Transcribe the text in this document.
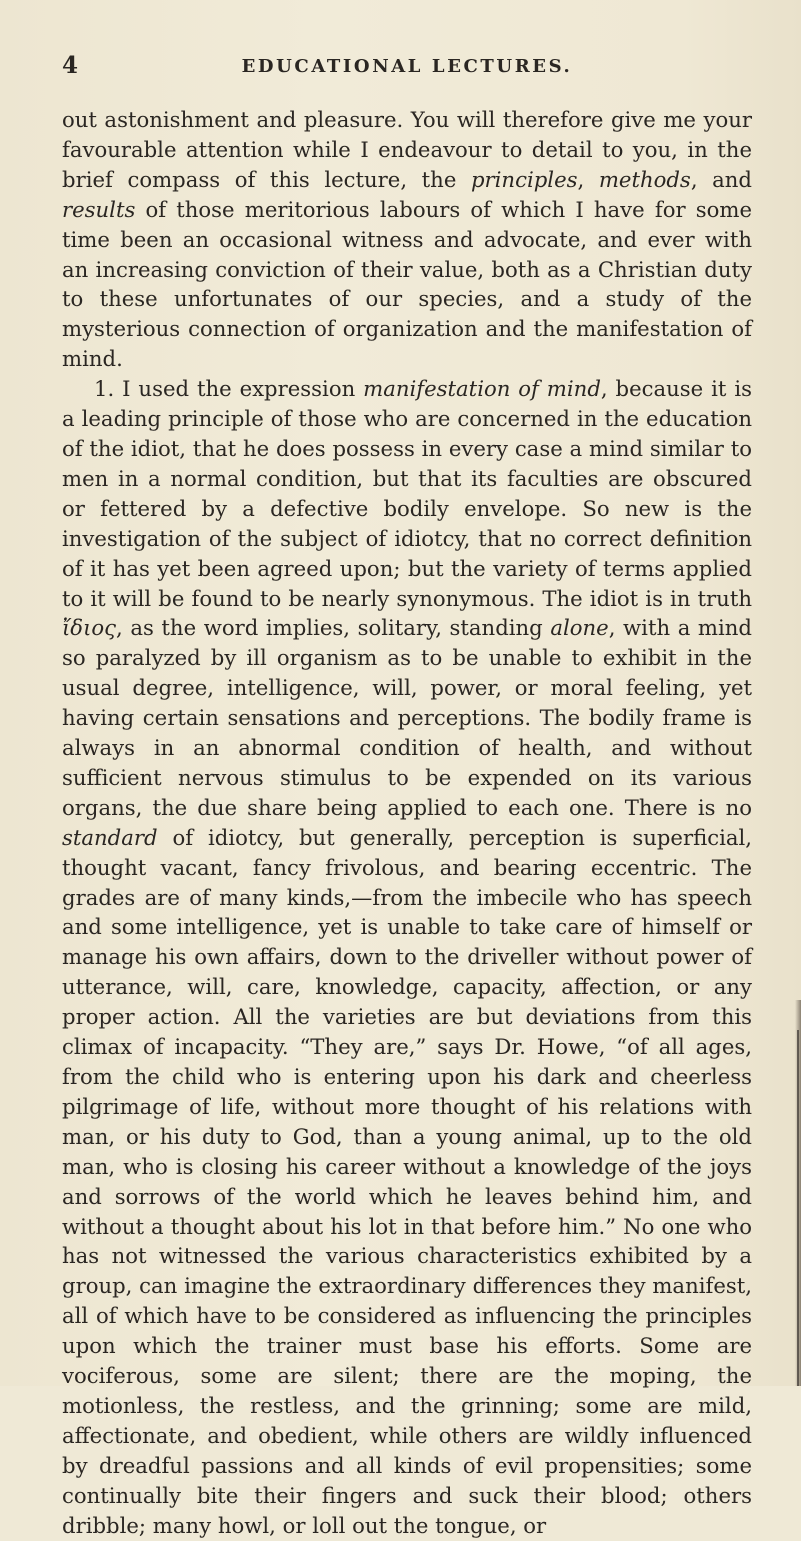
4	EDUCATIONAL LECTURES.

out astonishment and pleasure. You will therefore give me your favourable attention while I endeavour to detail to you, in the brief compass of this lecture, the principles, methods, and results of those meritorious labours of which I have for some time been an occasional witness and advocate, and ever with an increasing conviction of their value, both as a Christian duty to these unfortunates of our species, and a study of the mysterious connection of organization and the manifestation of mind.

1. I used the expression manifestation of mind, because it is a leading principle of those who are concerned in the education of the idiot, that he does possess in every case a mind similar to men in a normal condition, but that its faculties are obscured or fettered by a defective bodily envelope. So new is the investigation of the subject of idiotcy, that no correct definition of it has yet been agreed upon; but the variety of terms applied to it will be found to be nearly synonymous. The idiot is in truth ἴδιος, as the word implies, solitary, standing alone, with a mind so paralyzed by ill organism as to be unable to exhibit in the usual degree, intelligence, will, power, or moral feeling, yet having certain sensations and perceptions. The bodily frame is always in an abnormal condition of health, and without sufficient nervous stimulus to be expended on its various organs, the due share being applied to each one. There is no standard of idiotcy, but generally, perception is superficial, thought vacant, fancy frivolous, and bearing eccentric. The grades are of many kinds,—from the imbecile who has speech and some intelligence, yet is unable to take care of himself or manage his own affairs, down to the driveller without power of utterance, will, care, knowledge, capacity, affection, or any proper action. All the varieties are but deviations from this climax of incapacity. “They are,” says Dr. Howe, “of all ages, from the child who is entering upon his dark and cheerless pilgrimage of life, without more thought of his relations with man, or his duty to God, than a young animal, up to the old man, who is closing his career without a knowledge of the joys and sorrows of the world which he leaves behind him, and without a thought about his lot in that before him.” No one who has not witnessed the various characteristics exhibited by a group, can imagine the extraordinary differences they manifest, all of which have to be considered as influencing the principles upon which the trainer must base his efforts. Some are vociferous, some are silent; there are the moping, the motionless, the restless, and the grinning; some are mild, affectionate, and obedient, while others are wildly influenced by dreadful passions and all kinds of evil propensities; some continually bite their fingers and suck their blood; others dribble; many howl, or loll out the tongue, or
